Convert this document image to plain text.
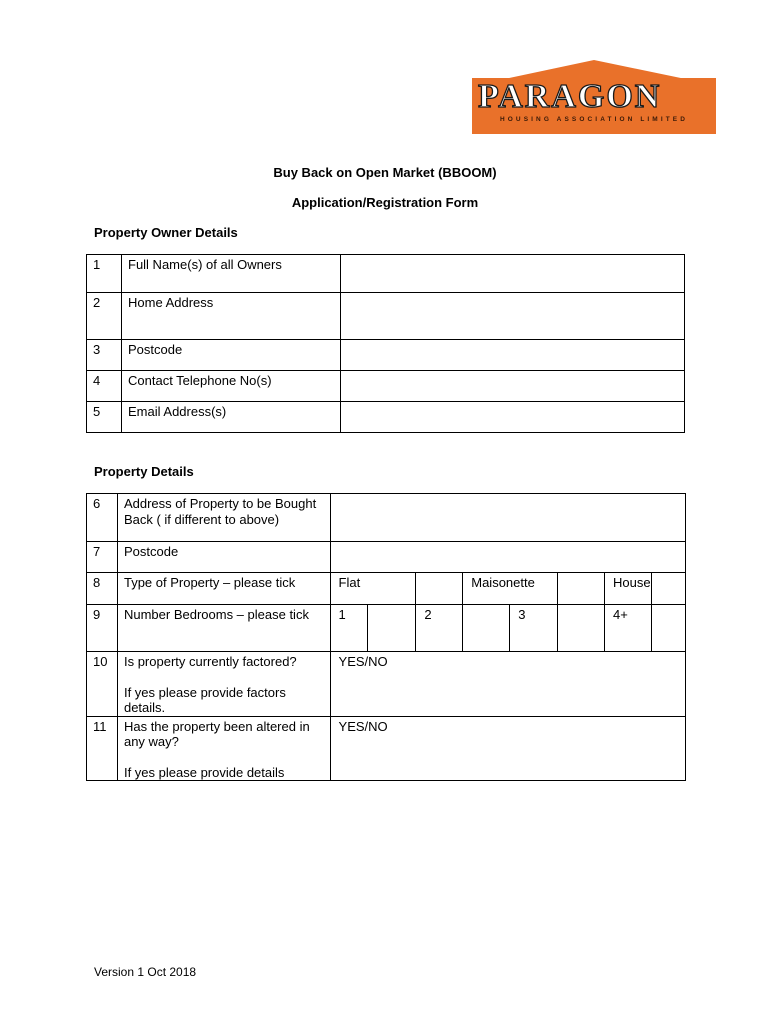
PARAGON
HOUSING ASSOCIATION LIMITED
Buy Back on Open Market (BBOOM)
Application/Registration Form
Property Owner Details
1	Full Name(s) of all Owners	
2	Home Address	
3	Postcode	
4	Contact Telephone No(s)	
5	Email Address(s)	
Property Details
6	Address of Property to be Bought Back ( if different to above)								
7	Postcode								
8	Type of Property – please tick	Flat			Maisonette			House	
9	Number Bedrooms – please tick	1		2		3		4+	
10	Is property currently factored?
If yes please provide factors details.	YES/NO							
11	Has the property been altered in any way?
If yes please provide details	YES/NO							
Version 1 Oct 2018
